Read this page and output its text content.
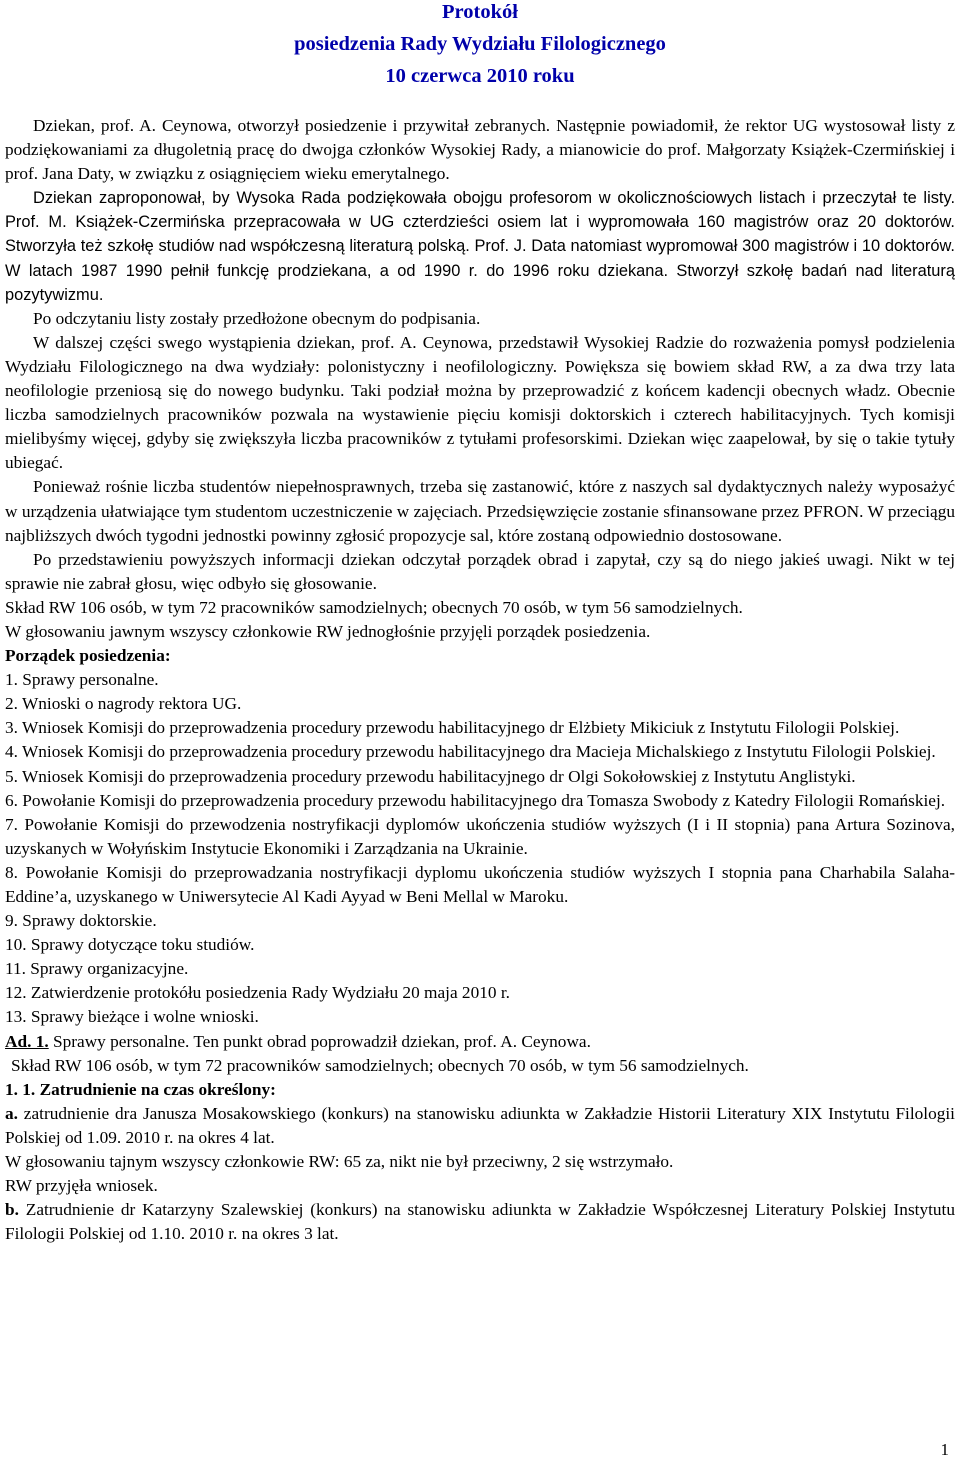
Protokół
posiedzenia Rady Wydziału Filologicznego
10 czerwca 2010 roku

Dziekan, prof. A. Ceynowa, otworzył posiedzenie i przywitał zebranych. Następnie powiadomił, że rektor UG wystosował listy z podziękowaniami za długoletnią pracę do dwojga członków Wysokiej Rady, a mianowicie do prof. Małgorzaty Książek-Czermińskiej i prof. Jana Daty, w związku z osiągnięciem wieku emerytalnego.

Dziekan zaproponował, by Wysoka Rada podziękowała obojgu profesorom w okolicznościowych listach i przeczytał te listy. Prof. M. Książek-Czermińska przepracowała w UG czterdzieści osiem lat i wypromowała 160 magistrów oraz 20 doktorów. Stworzyła też szkołę studiów nad współczesną literaturą polską. Prof. J. Data natomiast wypromował 300 magistrów i 10 doktorów. W latach 1987 1990 pełnił funkcję prodziekana, a od 1990 r. do 1996 roku dziekana. Stworzył szkołę badań nad literaturą pozytywizmu.

Po odczytaniu listy zostały przedłożone obecnym do podpisania.

W dalszej części swego wystąpienia dziekan, prof. A. Ceynowa, przedstawił Wysokiej Radzie do rozważenia pomysł podzielenia Wydziału Filologicznego na dwa wydziały: polonistyczny i neofilologiczny. Powiększa się bowiem skład RW, a za dwa trzy lata neofilologie przeniosą się do nowego budynku. Taki podział można by przeprowadzić z końcem kadencji obecnych władz. Obecnie liczba samodzielnych pracowników pozwala na wystawienie pięciu komisji doktorskich i czterech habilitacyjnych. Tych komisji mielibyśmy więcej, gdyby się zwiększyła liczba pracowników z tytułami profesorskimi. Dziekan więc zaapelował, by się o takie tytuły ubiegać.

Ponieważ rośnie liczba studentów niepełnosprawnych, trzeba się zastanowić, które z naszych sal dydaktycznych należy wyposażyć w urządzenia ułatwiające tym studentom uczestniczenie w zajęciach. Przedsięwzięcie zostanie sfinansowane przez PFRON. W przeciągu najbliższych dwóch tygodni jednostki powinny zgłosić propozycje sal, które zostaną odpowiednio dostosowane.

Po przedstawieniu powyższych informacji dziekan odczytał porządek obrad i zapytał, czy są do niego jakieś uwagi. Nikt w tej sprawie nie zabrał głosu, więc odbyło się głosowanie.

Skład RW 106 osób, w tym 72 pracowników samodzielnych; obecnych 70 osób, w tym 56 samodzielnych.

W głosowaniu jawnym wszyscy członkowie RW jednogłośnie przyjęli porządek posiedzenia.

Porządek posiedzenia:

1. Sprawy personalne.

2. Wnioski o nagrody rektora UG.

3. Wniosek Komisji do przeprowadzenia procedury przewodu habilitacyjnego dr Elżbiety Mikiciuk z Instytutu Filologii Polskiej.

4. Wniosek Komisji do przeprowadzenia procedury przewodu habilitacyjnego dra Macieja Michalskiego z Instytutu Filologii Polskiej.

5. Wniosek Komisji do przeprowadzenia procedury przewodu habilitacyjnego dr Olgi Sokołowskiej z Instytutu Anglistyki.

6. Powołanie Komisji do przeprowadzenia procedury przewodu habilitacyjnego dra Tomasza Swobody z Katedry Filologii Romańskiej.

7. Powołanie Komisji do przewodzenia nostryfikacji dyplomów ukończenia studiów wyższych (I i II stopnia) pana Artura Sozinova, uzyskanych w Wołyńskim Instytucie Ekonomiki i Zarządzania na Ukrainie.

8. Powołanie Komisji do przeprowadzania nostryfikacji dyplomu ukończenia studiów wyższych I stopnia pana Charhabila Salaha-Eddine’a, uzyskanego w Uniwersytecie Al Kadi Ayyad w Beni Mellal w Maroku.

9. Sprawy doktorskie.

10. Sprawy dotyczące toku studiów.

11. Sprawy organizacyjne.

12. Zatwierdzenie protokółu posiedzenia Rady Wydziału 20 maja 2010 r.

13. Sprawy bieżące i wolne wnioski.

Ad. 1. Sprawy personalne. Ten punkt obrad poprowadził dziekan, prof. A. Ceynowa.

Skład RW 106 osób, w tym 72 pracowników samodzielnych; obecnych 70 osób, w tym 56 samodzielnych.

1. 1. Zatrudnienie na czas określony:

a. zatrudnienie dra Janusza Mosakowskiego (konkurs) na stanowisku adiunkta w Zakładzie Historii Literatury XIX Instytutu Filologii Polskiej od 1.09. 2010 r. na okres 4 lat.

W głosowaniu tajnym wszyscy członkowie RW: 65 za, nikt nie był przeciwny, 2 się wstrzymało.

RW przyjęła wniosek.

b. Zatrudnienie dr Katarzyny Szalewskiej (konkurs) na stanowisku adiunkta w Zakładzie Współczesnej Literatury Polskiej Instytutu Filologii Polskiej od 1.10. 2010 r. na okres 3 lat.

1
